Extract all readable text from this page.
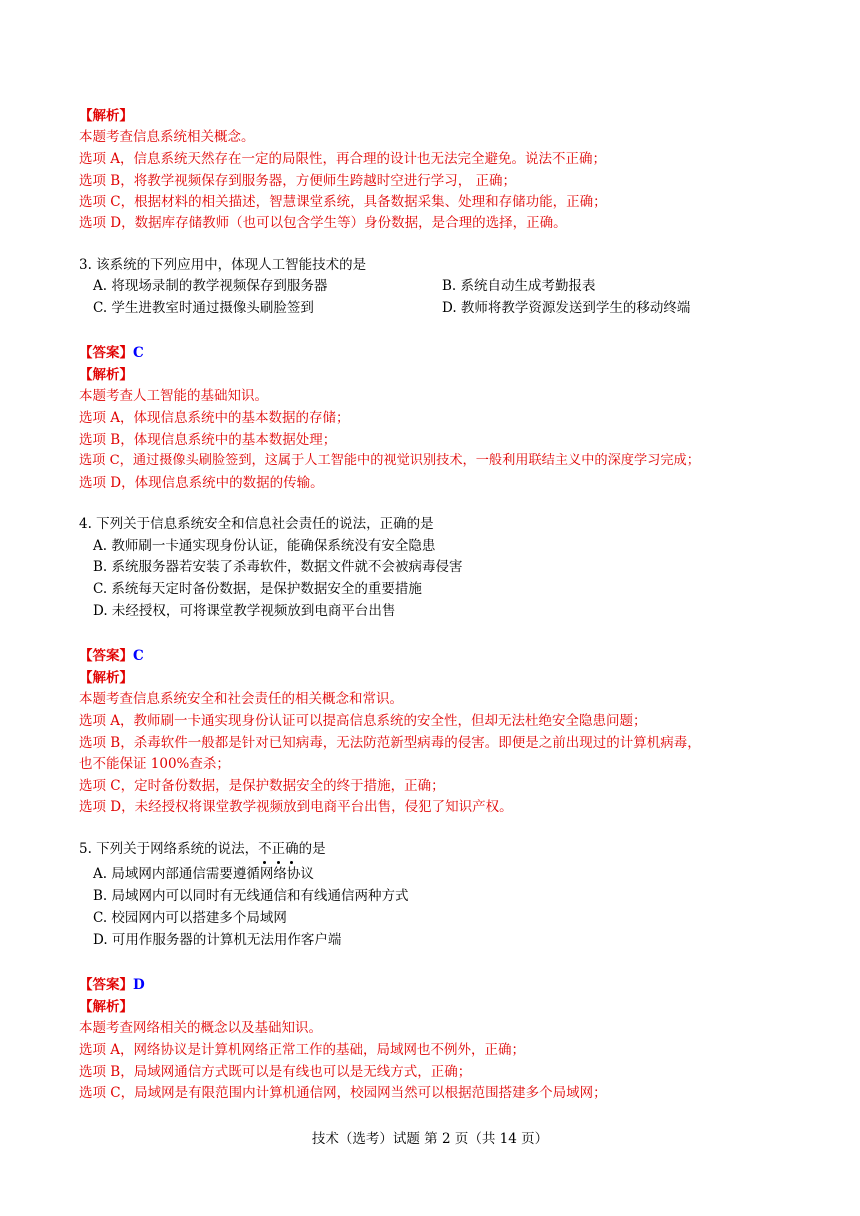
【解析】
本题考查信息系统相关概念。
选项 A，信息系统天然存在一定的局限性，再合理的设计也无法完全避免。说法不正确；
选项 B，将教学视频保存到服务器，方便师生跨越时空进行学习， 正确；
选项 C，根据材料的相关描述，智慧课堂系统，具备数据采集、处理和存储功能，正确；
选项 D，数据库存储教师（也可以包含学生等）身份数据，是合理的选择，正确。
3. 该系统的下列应用中，体现人工智能技术的是
A. 将现场录制的教学视频保存到服务器	B. 系统自动生成考勤报表
C. 学生进教室时通过摄像头刷脸签到	D. 教师将教学资源发送到学生的移动终端
【答案】C
【解析】
本题考查人工智能的基础知识。
选项 A，体现信息系统中的基本数据的存储；
选项 B，体现信息系统中的基本数据处理；
选项 C，通过摄像头刷脸签到，这属于人工智能中的视觉识别技术，一般利用联结主义中的深度学习完成；
选项 D，体现信息系统中的数据的传输。
4. 下列关于信息系统安全和信息社会责任的说法，正确的是
A. 教师刷一卡通实现身份认证，能确保系统没有安全隐患
B. 系统服务器若安装了杀毒软件，数据文件就不会被病毒侵害
C. 系统每天定时备份数据，是保护数据安全的重要措施
D. 未经授权，可将课堂教学视频放到电商平台出售
【答案】C
【解析】
本题考查信息系统安全和社会责任的相关概念和常识。
选项 A，教师刷一卡通实现身份认证可以提高信息系统的安全性，但却无法杜绝安全隐患问题；
选项 B，杀毒软件一般都是针对已知病毒，无法防范新型病毒的侵害。即便是之前出现过的计算机病毒，
也不能保证 100%查杀；
选项 C，定时备份数据，是保护数据安全的终于措施，正确；
选项 D，未经授权将课堂教学视频放到电商平台出售，侵犯了知识产权。
5. 下列关于网络系统的说法，不正确的是
A. 局域网内部通信需要遵循网络协议
B. 局域网内可以同时有无线通信和有线通信两种方式
C. 校园网内可以搭建多个局域网
D. 可用作服务器的计算机无法用作客户端
【答案】D
【解析】
本题考查网络相关的概念以及基础知识。
选项 A，网络协议是计算机网络正常工作的基础，局域网也不例外，正确；
选项 B，局域网通信方式既可以是有线也可以是无线方式，正确；
选项 C，局域网是有限范围内计算机通信网，校园网当然可以根据范围搭建多个局域网；
技术（选考）试题 第 2 页（共 14 页）
